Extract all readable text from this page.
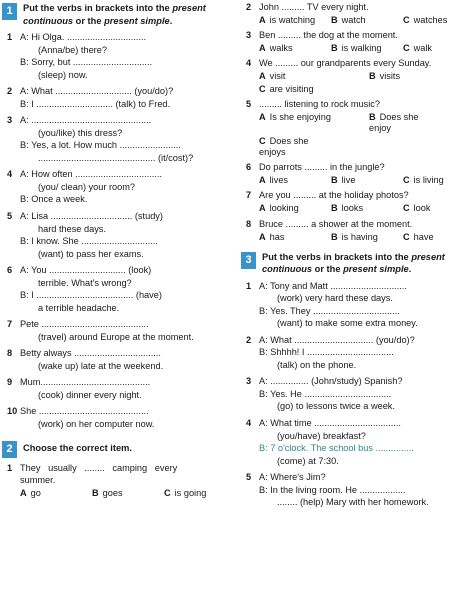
1	Put the verbs in brackets into the present continuous or the present simple.
1 A: Hi Olga. ...............................
(Anna/be) there?
B: Sorry, but ...............................
(sleep) now.
2 A: What .............................. (you/do)?
B: I .............................. (talk) to Fred.
3 A: ...............................................
(you/like) this dress?
B: Yes, a lot. How much ........................
.............................................. (it/cost)?
4 A: How often ..................................
(you/ clean) your room?
B: Once a week.
5 A: Lisa ................................ (study)
hard these days.
B: I know. She ..............................
(want) to pass her exams.
6 A: You .............................. (look)
terrible. What's wrong?
B: I ...................................... (have)
a terrible headache.
7 Pete ..........................................
(travel) around Europe at the moment.
8 Betty always ..................................
(wake up) late at the weekend.
9 Mum...........................................
(cook) dinner every night.
10 She ...........................................
(work) on her computer now.
2	Choose the correct item.
1 They   usually   ........   camping   every
summer.
A go	B goes	C is going
2 John ......... TV every night.
A is watching	B watch	C watches
3 Ben ......... the dog at the moment.
A walks	B is walking	C walk
4 We ......... our grandparents every Sunday.
A visit	B visits
C are visiting
5 ......... listening to rock music?
A Is she enjoying	B Does she enjoy
C Does she enjoys
6 Do parrots ......... in the jungle?
A lives	B live	C is living
7 Are you ......... at the holiday photos?
A looking	B looks	C look
8 Bruce ......... a shower at the moment.
A has	B is having	C have
3	Put the verbs in brackets into the present continuous or the present simple.
1 A: Tony and Matt ..............................
(work) very hard these days.
B: Yes. They ..................................
(want) to make some extra money.
2 A: What ............................... (you/do)?
B: Shhhh! I ..................................
(talk) on the phone.
3 A: ............... (John/study) Spanish?
B: Yes. He ..................................
(go) to lessons twice a week.
4 A: What time ..................................
(you/have) breakfast?
B: 7 o'clock. The school bus ...............
(come) at 7:30.
5 A: Where's Jim?
B: In the living room. He ..................
........ (help) Mary with her homework.
